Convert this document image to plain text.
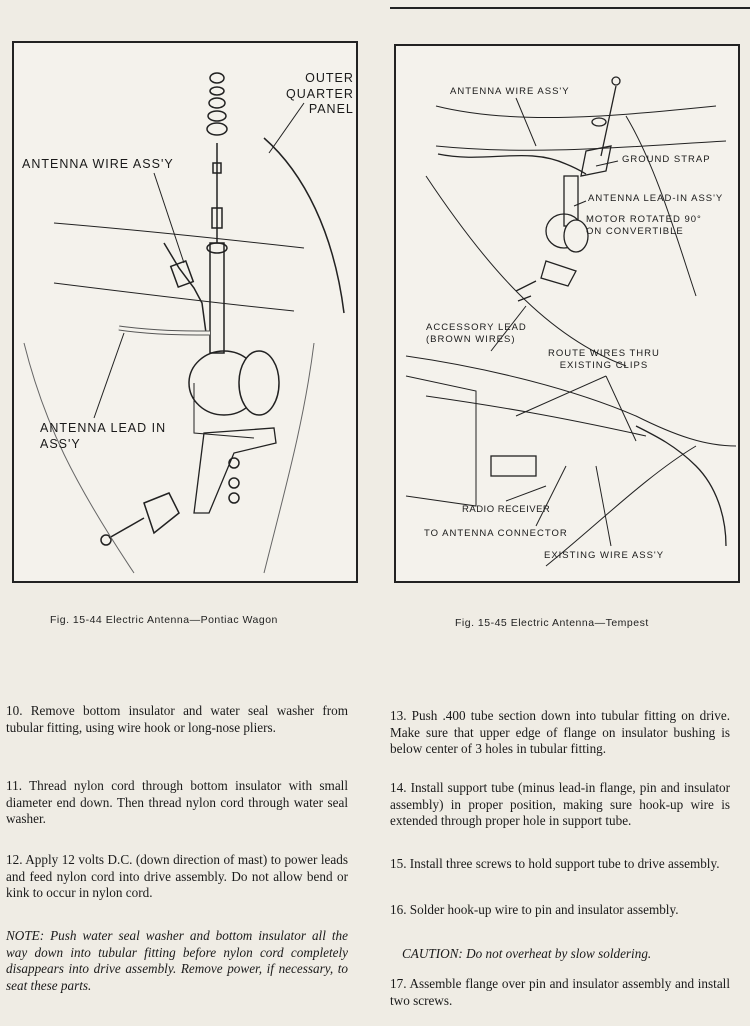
OUTER
QUARTER
PANEL
ANTENNA WIRE ASS'Y
ANTENNA LEAD IN
ASS'Y
ANTENNA WIRE ASS'Y
GROUND STRAP
ANTENNA LEAD-IN ASS'Y
MOTOR ROTATED 90°
ON CONVERTIBLE
ACCESSORY LEAD
(BROWN WIRES)
ROUTE WIRES THRU
EXISTING CLIPS
RADIO RECEIVER
TO ANTENNA CONNECTOR
EXISTING WIRE ASS'Y
Fig. 15-44 Electric Antenna—Pontiac Wagon	Fig. 15-45 Electric Antenna—Tempest
10. Remove bottom insulator and water seal washer from tubular fitting, using wire hook or long-nose pliers.
11. Thread nylon cord through bottom insulator with small diameter end down. Then thread nylon cord through water seal washer.
12. Apply 12 volts D.C. (down direction of mast) to power leads and feed nylon cord into drive assembly. Do not allow bend or kink to occur in nylon cord.
NOTE: Push water seal washer and bottom insulator all the way down into tubular fitting before nylon cord completely disappears into drive assembly. Remove power, if necessary, to seat these parts.
13. Push .400 tube section down into tubular fitting on drive. Make sure that upper edge of flange on insulator bushing is below center of 3 holes in tubular fitting.
14. Install support tube (minus lead-in flange, pin and insulator assembly) in proper position, making sure hook-up wire is extended through proper hole in support tube.
15. Install three screws to hold support tube to drive assembly.
16. Solder hook-up wire to pin and insulator assembly.
CAUTION: Do not overheat by slow soldering.
17. Assemble flange over pin and insulator assembly and install two screws.
